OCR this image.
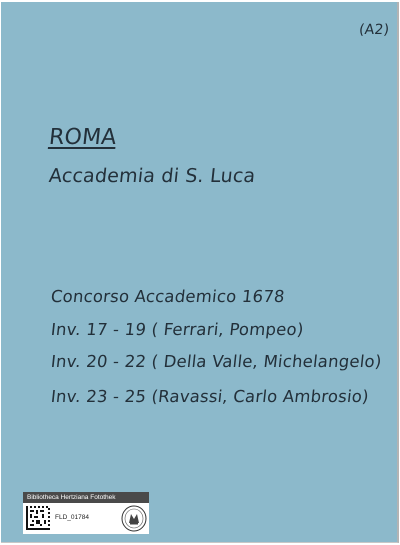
(A2)
ROMA
Accademia di S. Luca
Concorso Accademico 1678
Inv. 17 - 19 ( Ferrari, Pompeo)
Inv. 20 - 22 ( Della Valle, Michelangelo)
Inv. 23 - 25 (Ravassi, Carlo Ambrosio)
Bibliotheca Hertziana Fotothek
FLD_01784
